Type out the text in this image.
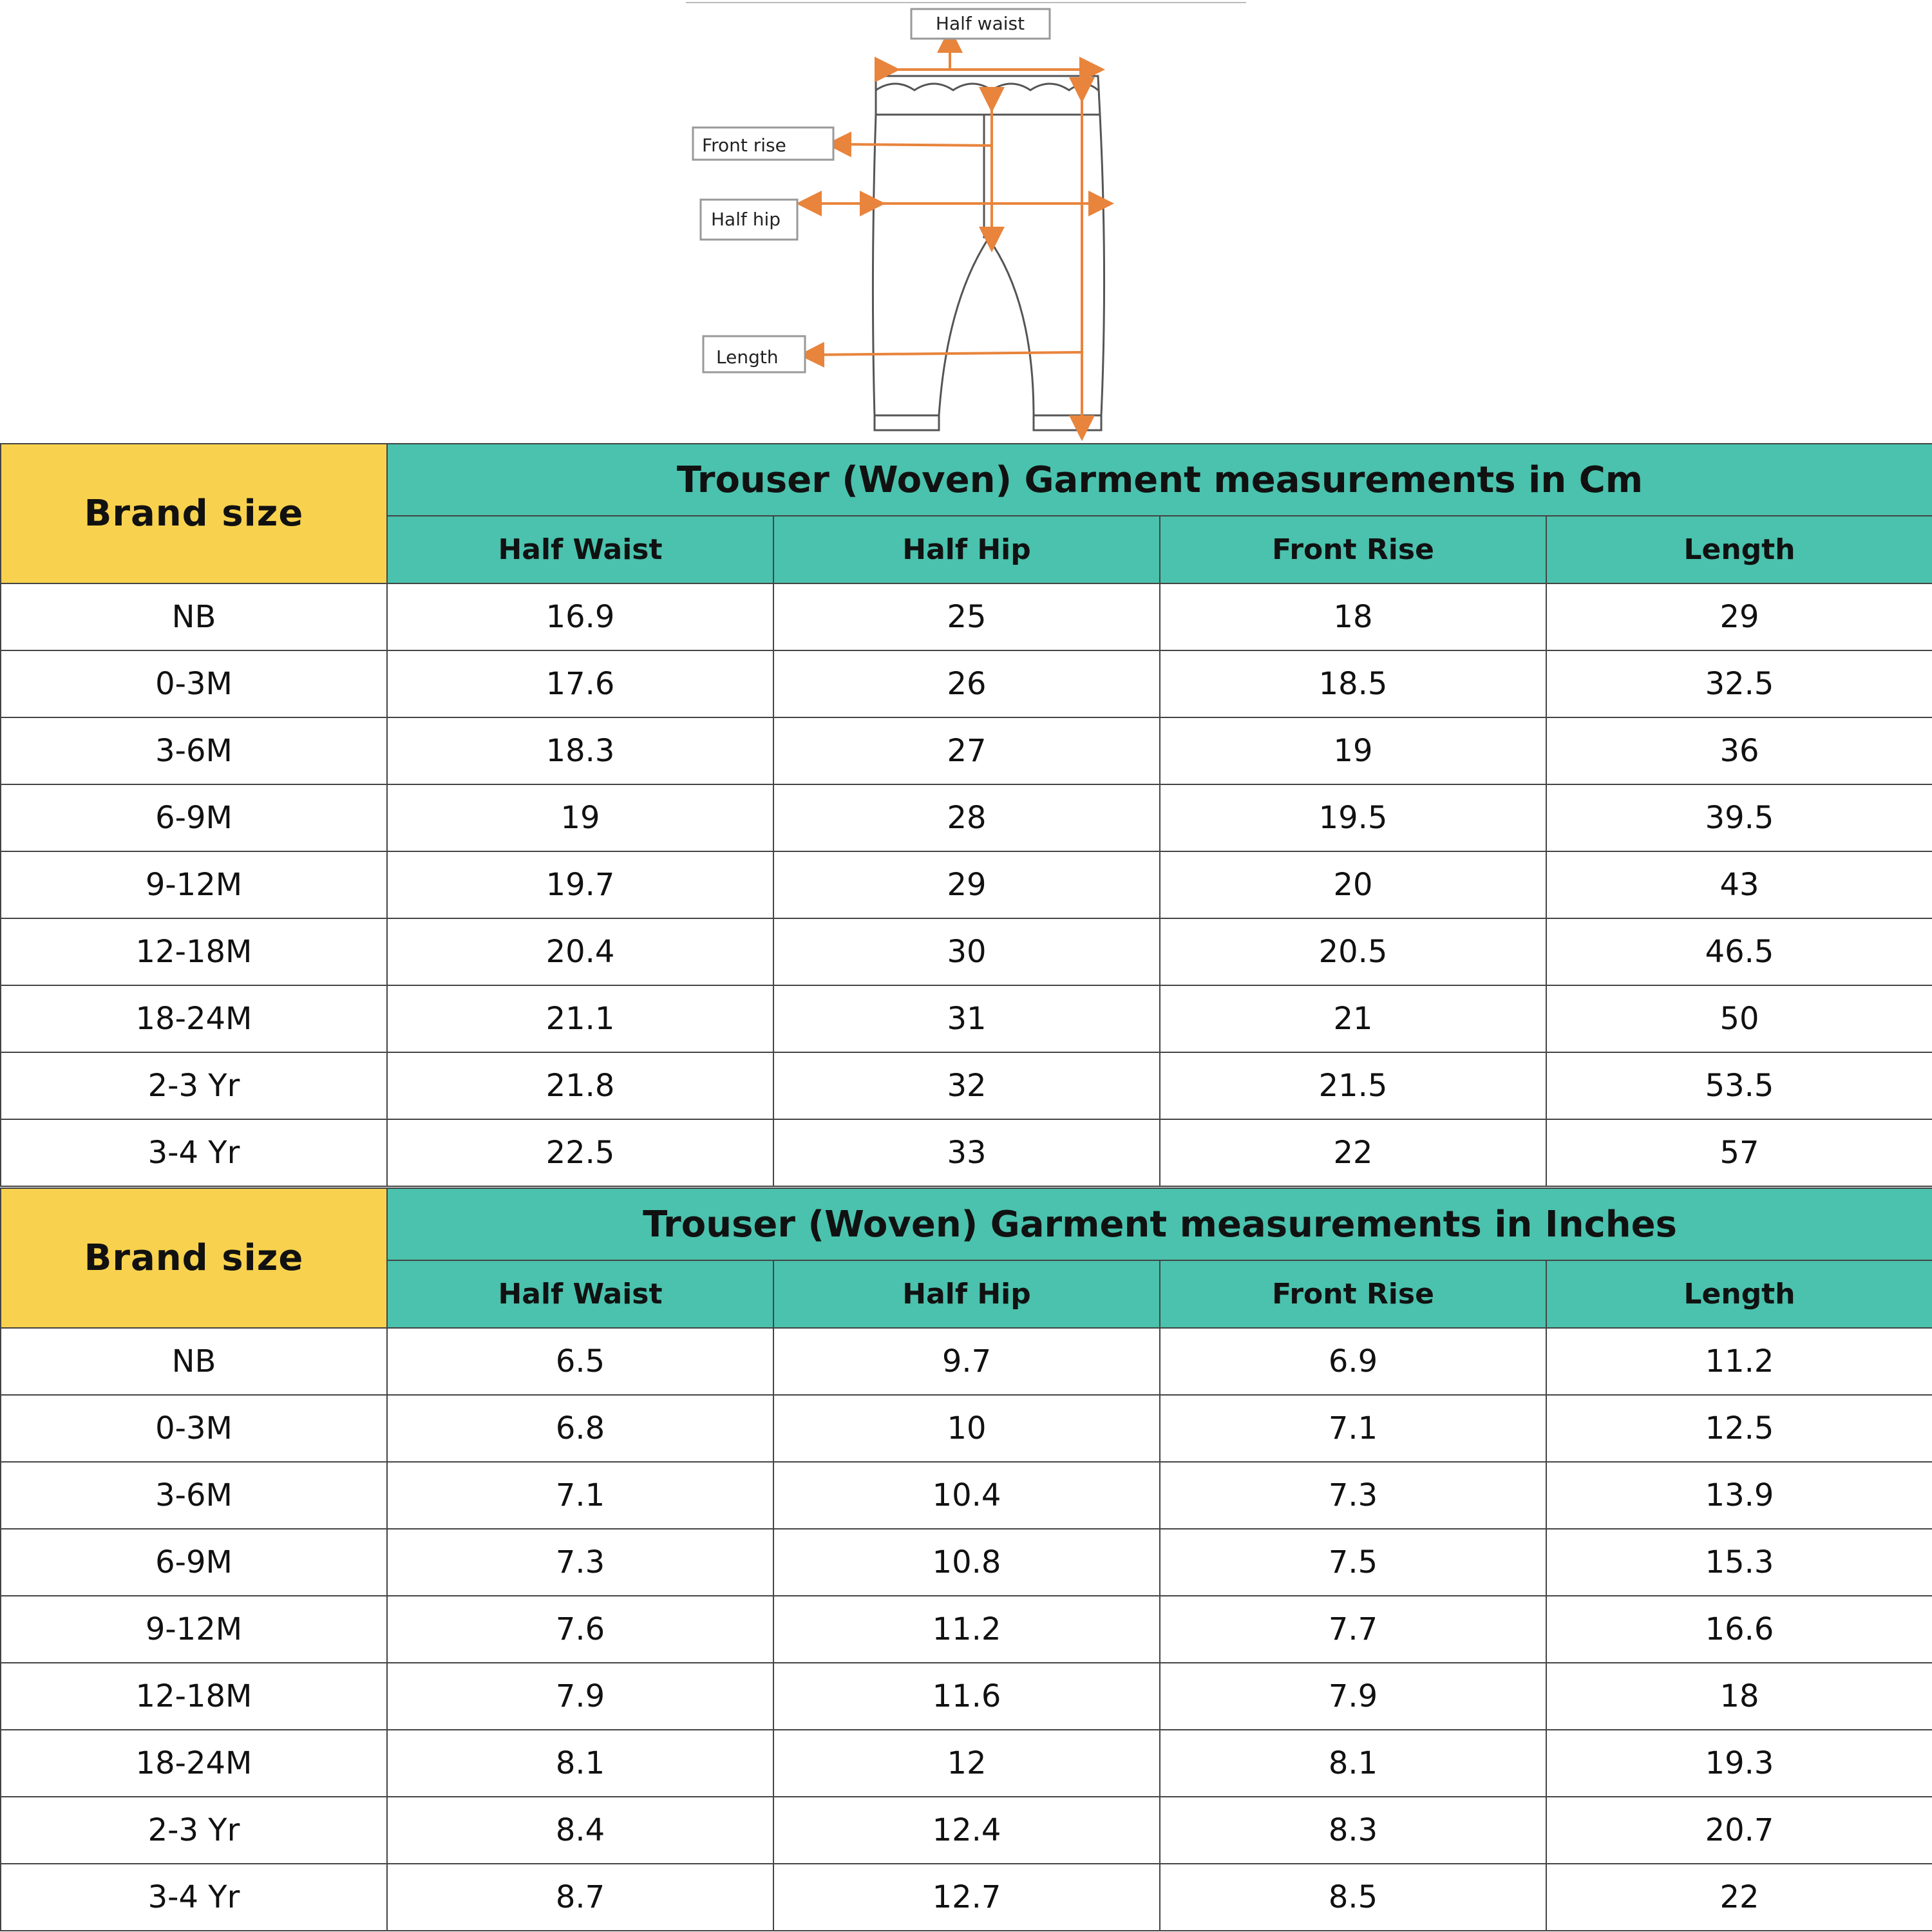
Half waist
Front rise
Half hip
Length
Brand size	Trouser (Woven) Garment measurements in Cm			
	Half Waist	Half Hip	Front Rise	Length
NB	16.9	25	18	29
0-3M	17.6	26	18.5	32.5
3-6M	18.3	27	19	36
6-9M	19	28	19.5	39.5
9-12M	19.7	29	20	43
12-18M	20.4	30	20.5	46.5
18-24M	21.1	31	21	50
2-3 Yr	21.8	32	21.5	53.5
3-4 Yr	22.5	33	22	57
Brand size	Trouser (Woven) Garment measurements in Inches			
	Half Waist	Half Hip	Front Rise	Length
NB	6.5	9.7	6.9	11.2
0-3M	6.8	10	7.1	12.5
3-6M	7.1	10.4	7.3	13.9
6-9M	7.3	10.8	7.5	15.3
9-12M	7.6	11.2	7.7	16.6
12-18M	7.9	11.6	7.9	18
18-24M	8.1	12	8.1	19.3
2-3 Yr	8.4	12.4	8.3	20.7
3-4 Yr	8.7	12.7	8.5	22
